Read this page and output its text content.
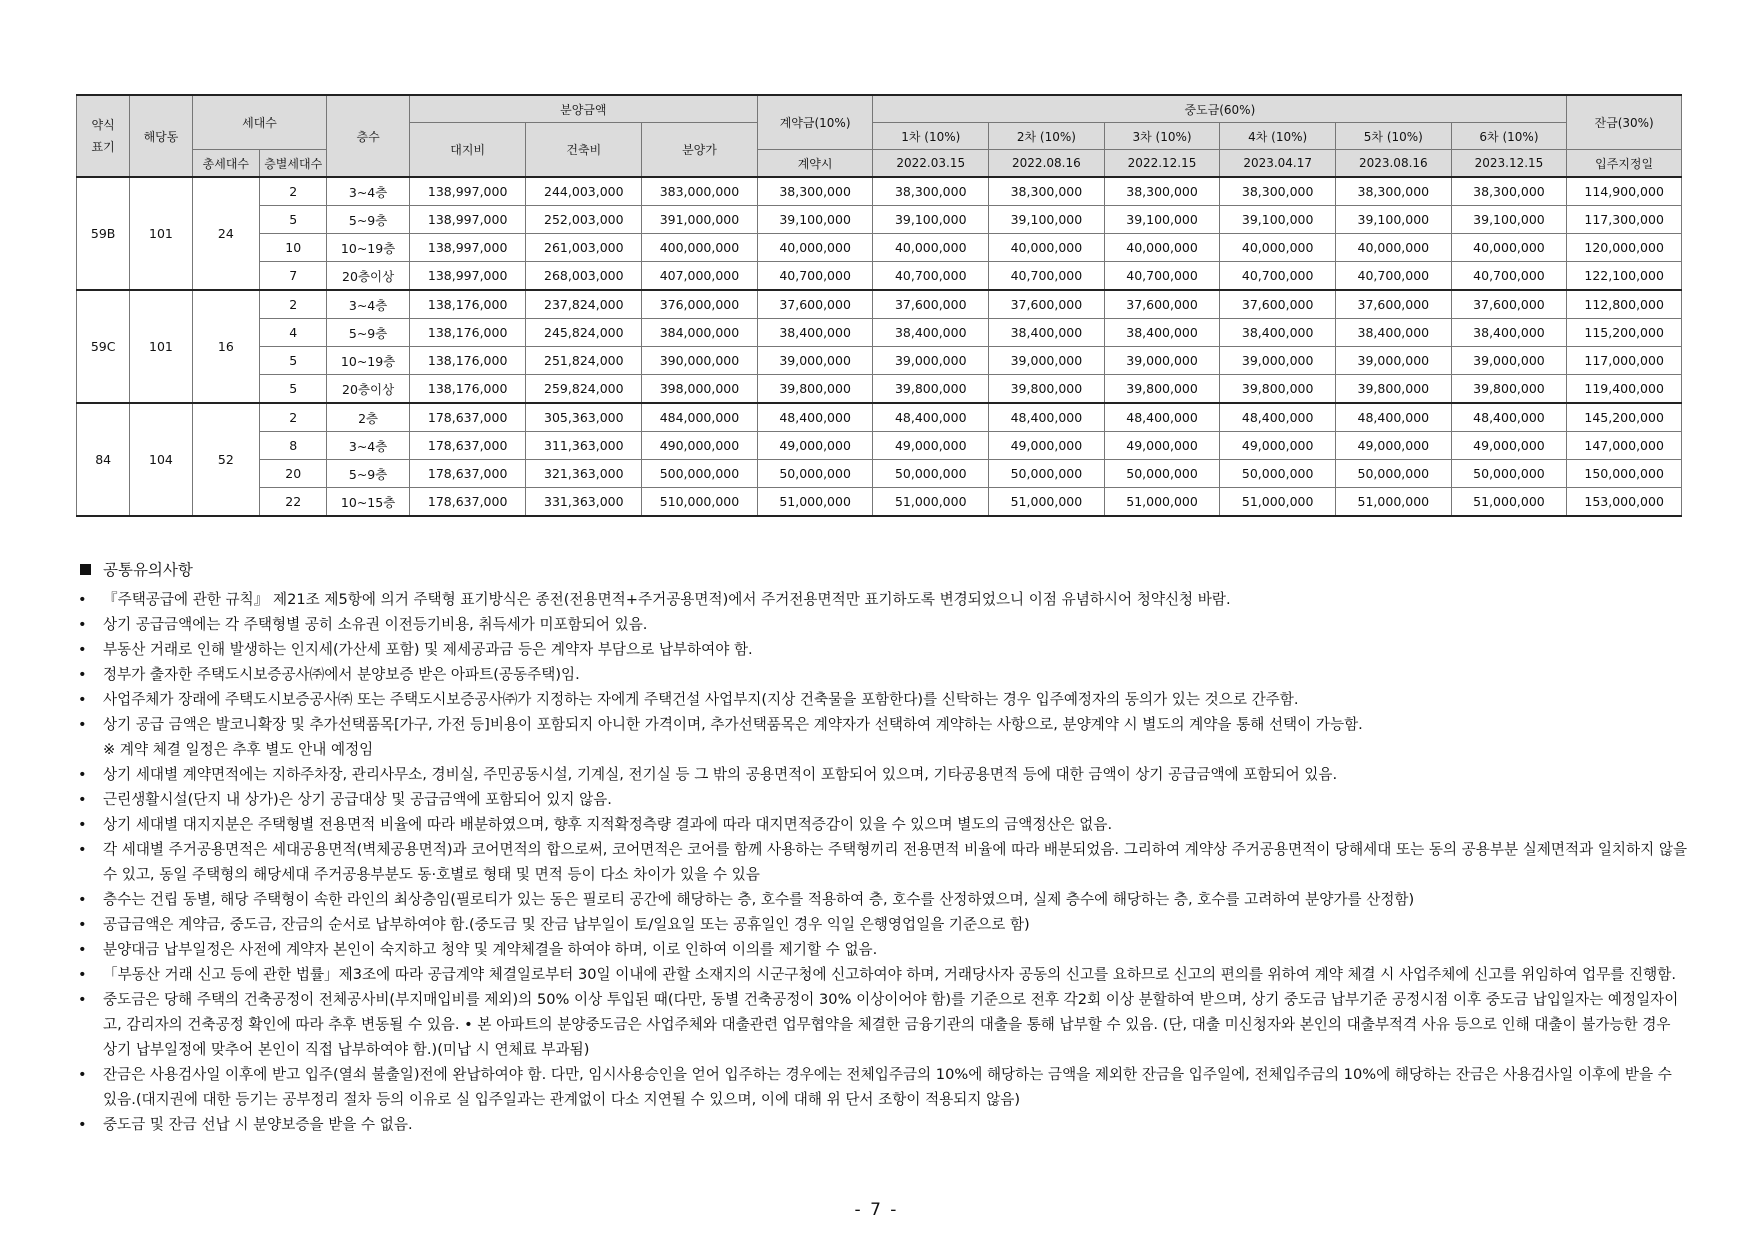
약식 표기	해당동	세대수		층수	분양금액			계약금(10%)	중도금(60%)						잔금(30%)
					대지비	건축비	분양가		1차 (10%)	2차 (10%)	3차 (10%)	4차 (10%)	5차 (10%)	6차 (10%)	
		총세대수	층별세대수					계약시	2022.03.15	2022.08.16	2022.12.15	2023.04.17	2023.08.16	2023.12.15	입주지정일
59B	101	24	2	3~4층	138,997,000	244,003,000	383,000,000	38,300,000	38,300,000	38,300,000	38,300,000	38,300,000	38,300,000	38,300,000	114,900,000
			5	5~9층	138,997,000	252,003,000	391,000,000	39,100,000	39,100,000	39,100,000	39,100,000	39,100,000	39,100,000	39,100,000	117,300,000
			10	10~19층	138,997,000	261,003,000	400,000,000	40,000,000	40,000,000	40,000,000	40,000,000	40,000,000	40,000,000	40,000,000	120,000,000
			7	20층이상	138,997,000	268,003,000	407,000,000	40,700,000	40,700,000	40,700,000	40,700,000	40,700,000	40,700,000	40,700,000	122,100,000
59C	101	16	2	3~4층	138,176,000	237,824,000	376,000,000	37,600,000	37,600,000	37,600,000	37,600,000	37,600,000	37,600,000	37,600,000	112,800,000
			4	5~9층	138,176,000	245,824,000	384,000,000	38,400,000	38,400,000	38,400,000	38,400,000	38,400,000	38,400,000	38,400,000	115,200,000
			5	10~19층	138,176,000	251,824,000	390,000,000	39,000,000	39,000,000	39,000,000	39,000,000	39,000,000	39,000,000	39,000,000	117,000,000
			5	20층이상	138,176,000	259,824,000	398,000,000	39,800,000	39,800,000	39,800,000	39,800,000	39,800,000	39,800,000	39,800,000	119,400,000
84	104	52	2	2층	178,637,000	305,363,000	484,000,000	48,400,000	48,400,000	48,400,000	48,400,000	48,400,000	48,400,000	48,400,000	145,200,000
			8	3~4층	178,637,000	311,363,000	490,000,000	49,000,000	49,000,000	49,000,000	49,000,000	49,000,000	49,000,000	49,000,000	147,000,000
			20	5~9층	178,637,000	321,363,000	500,000,000	50,000,000	50,000,000	50,000,000	50,000,000	50,000,000	50,000,000	50,000,000	150,000,000
			22	10~15층	178,637,000	331,363,000	510,000,000	51,000,000	51,000,000	51,000,000	51,000,000	51,000,000	51,000,000	51,000,000	153,000,000
공통유의사항
『주택공급에 관한 규칙』 제21조 제5항에 의거 주택형 표기방식은 종전(전용면적+주거공용면적)에서 주거전용면적만 표기하도록 변경되었으니 이점 유념하시어 청약신청 바람.
상기 공급금액에는 각 주택형별 공히 소유권 이전등기비용, 취득세가 미포함되어 있음.
부동산 거래로 인해 발생하는 인지세(가산세 포함) 및 제세공과금 등은 계약자 부담으로 납부하여야 함.
정부가 출자한 주택도시보증공사㈜에서 분양보증 받은 아파트(공동주택)임.
사업주체가 장래에 주택도시보증공사㈜ 또는 주택도시보증공사㈜가 지정하는 자에게 주택건설 사업부지(지상 건축물을 포함한다)를 신탁하는 경우 입주예정자의 동의가 있는 것으로 간주함.
상기 공급 금액은 발코니확장 및 추가선택품목[가구, 가전 등]비용이 포함되지 아니한 가격이며, 추가선택품목은 계약자가 선택하여 계약하는 사항으로, 분양계약 시 별도의 계약을 통해 선택이 가능함.
※ 계약 체결 일정은 추후 별도 안내 예정임
상기 세대별 계약면적에는 지하주차장, 관리사무소, 경비실, 주민공동시설, 기계실, 전기실 등 그 밖의 공용면적이 포함되어 있으며, 기타공용면적 등에 대한 금액이 상기 공급금액에 포함되어 있음.
근린생활시설(단지 내 상가)은 상기 공급대상 및 공급금액에 포함되어 있지 않음.
상기 세대별 대지지분은 주택형별 전용면적 비율에 따라 배분하였으며, 향후 지적확정측량 결과에 따라 대지면적증감이 있을 수 있으며 별도의 금액정산은 없음.
각 세대별 주거공용면적은 세대공용면적(벽체공용면적)과 코어면적의 합으로써, 코어면적은 코어를 함께 사용하는 주택형끼리 전용면적 비율에 따라 배분되었음. 그리하여 계약상 주거공용면적이 당해세대 또는 동의 공용부분 실제면적과 일치하지 않을 수 있고, 동일 주택형의 해당세대 주거공용부분도 동·호별로 형태 및 면적 등이 다소 차이가 있을 수 있음
층수는 건립 동별, 해당 주택형이 속한 라인의 최상층임(필로티가 있는 동은 필로티 공간에 해당하는 층, 호수를 적용하여 층, 호수를 산정하였으며, 실제 층수에 해당하는 층, 호수를 고려하여 분양가를 산정함)
공급금액은 계약금, 중도금, 잔금의 순서로 납부하여야 함.(중도금 및 잔금 납부일이 토/일요일 또는 공휴일인 경우 익일 은행영업일을 기준으로 함)
분양대금 납부일정은 사전에 계약자 본인이 숙지하고 청약 및 계약체결을 하여야 하며, 이로 인하여 이의를 제기할 수 없음.
「부동산 거래 신고 등에 관한 법률」제3조에 따라 공급계약 체결일로부터 30일 이내에 관할 소재지의 시군구청에 신고하여야 하며, 거래당사자 공동의 신고를 요하므로 신고의 편의를 위하여 계약 체결 시 사업주체에 신고를 위임하여 업무를 진행함.
중도금은 당해 주택의 건축공정이 전체공사비(부지매입비를 제외)의 50% 이상 투입된 때(다만, 동별 건축공정이 30% 이상이어야 함)를 기준으로 전후 각2회 이상 분할하여 받으며, 상기 중도금 납부기준 공정시점 이후 중도금 납입일자는 예정일자이고, 감리자의 건축공정 확인에 따라 추후 변동될 수 있음. • 본 아파트의 분양중도금은 사업주체와 대출관련 업무협약을 체결한 금융기관의 대출을 통해 납부할 수 있음. (단, 대출 미신청자와 본인의 대출부적격 사유 등으로 인해 대출이 불가능한 경우 상기 납부일정에 맞추어 본인이 직접 납부하여야 함.)(미납 시 연체료 부과됨)
잔금은 사용검사일 이후에 받고 입주(열쇠 불출일)전에 완납하여야 함. 다만, 임시사용승인을 얻어 입주하는 경우에는 전체입주금의 10%에 해당하는 금액을 제외한 잔금을 입주일에, 전체입주금의 10%에 해당하는 잔금은 사용검사일 이후에 받을 수 있음.(대지권에 대한 등기는 공부정리 절차 등의 이유로 실 입주일과는 관계없이 다소 지연될 수 있으며, 이에 대해 위 단서 조항이 적용되지 않음)
중도금 및 잔금 선납 시 분양보증을 받을 수 없음.
- 7 -
